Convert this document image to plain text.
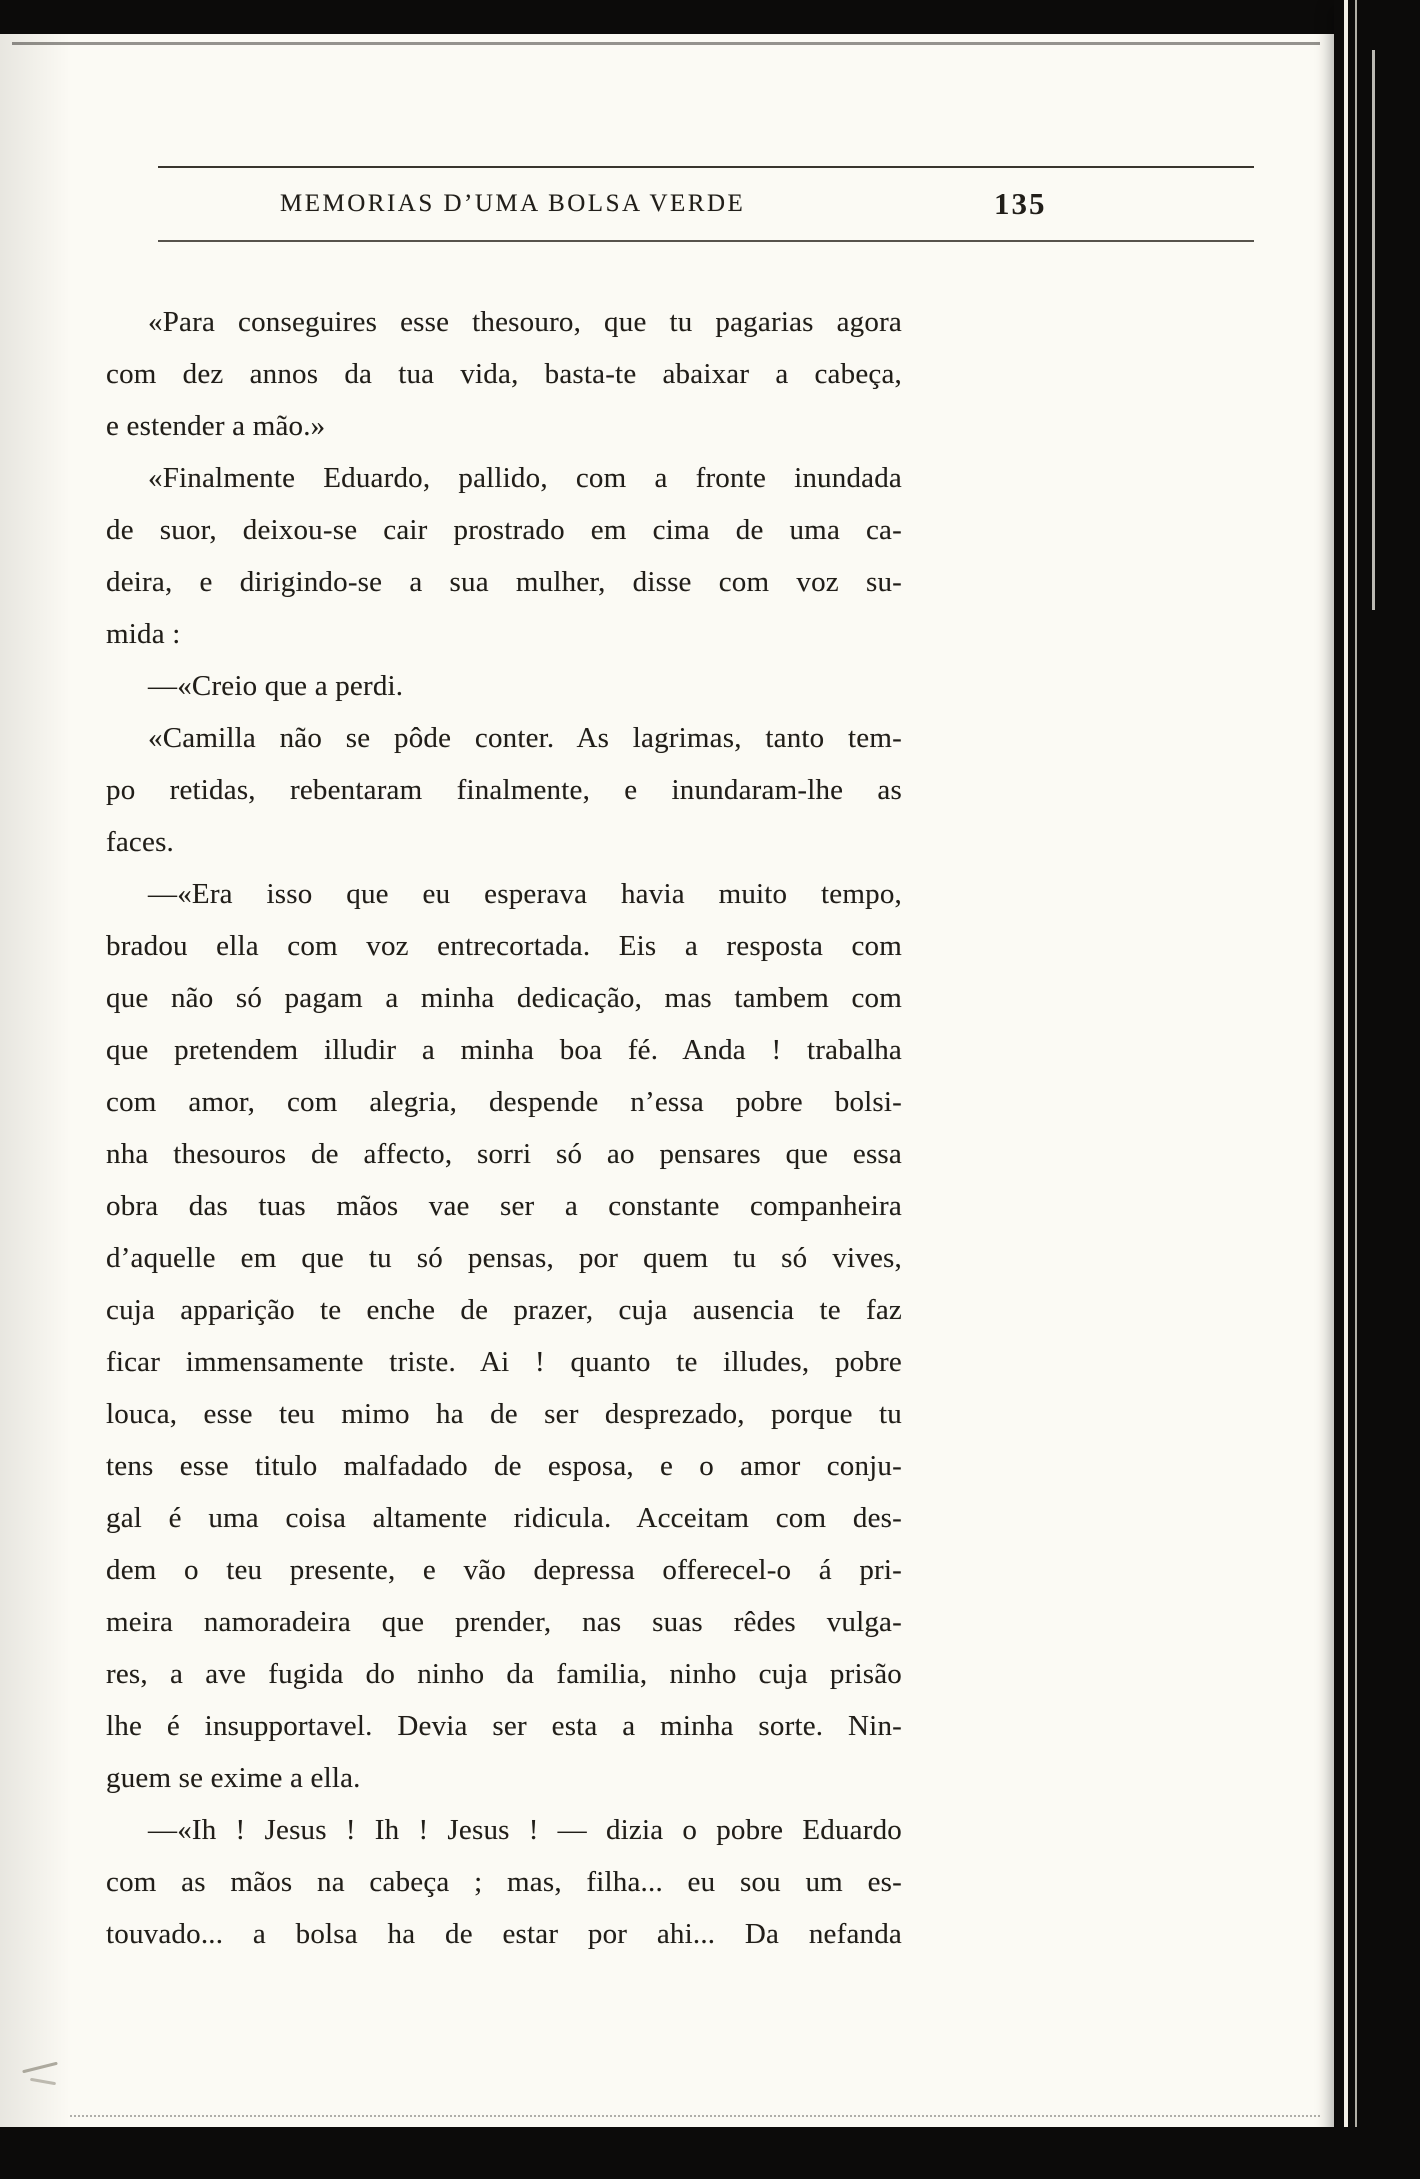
MEMORIAS D’UMA BOLSA VERDE	135
«Para conseguires esse thesouro, que tu pagarias agora
com dez annos da tua vida, basta-te abaixar a cabeça,
e estender a mão.»
«Finalmente Eduardo, pallido, com a fronte inundada
de suor, deixou-se cair prostrado em cima de uma ca-
deira, e dirigindo-se a sua mulher, disse com voz su-
mida :
—«Creio que a perdi.
«Camilla não se pôde conter. As lagrimas, tanto tem-
po retidas, rebentaram finalmente, e inundaram-lhe as
faces.
—«Era isso que eu esperava havia muito tempo,
bradou ella com voz entrecortada. Eis a resposta com
que não só pagam a minha dedicação, mas tambem com
que pretendem illudir a minha boa fé. Anda ! trabalha
com amor, com alegria, despende n’essa pobre bolsi-
nha thesouros de affecto, sorri só ao pensares que essa
obra das tuas mãos vae ser a constante companheira
d’aquelle em que tu só pensas, por quem tu só vives,
cuja apparição te enche de prazer, cuja ausencia te faz
ficar immensamente triste. Ai ! quanto te illudes, pobre
louca, esse teu mimo ha de ser desprezado, porque tu
tens esse titulo malfadado de esposa, e o amor conju-
gal é uma coisa altamente ridicula. Acceitam com des-
dem o teu presente, e vão depressa offerecel-o á pri-
meira namoradeira que prender, nas suas rêdes vulga-
res, a ave fugida do ninho da familia, ninho cuja prisão
lhe é insupportavel. Devia ser esta a minha sorte. Nin-
guem se exime a ella.
—«Ih ! Jesus ! Ih ! Jesus ! — dizia o pobre Eduardo
com as mãos na cabeça ; mas, filha... eu sou um es-
touvado... a bolsa ha de estar por ahi... Da nefanda
